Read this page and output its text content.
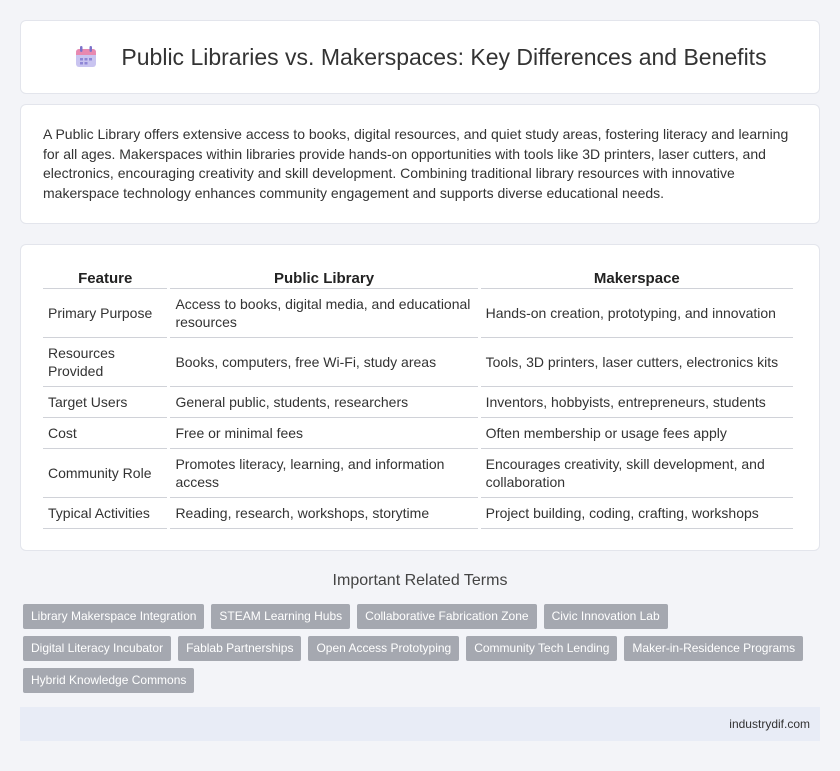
Public Libraries vs. Makerspaces: Key Differences and Benefits

A Public Library offers extensive access to books, digital resources, and quiet study areas, fostering literacy and learning for all ages. Makerspaces within libraries provide hands-on opportunities with tools like 3D printers, laser cutters, and electronics, encouraging creativity and skill development. Combining traditional library resources with innovative makerspace technology enhances community engagement and supports diverse educational needs.

Feature	Public Library	Makerspace
Primary Purpose	Access to books, digital media, and educational resources	Hands-on creation, prototyping, and innovation
Resources Provided	Books, computers, free Wi-Fi, study areas	Tools, 3D printers, laser cutters, electronics kits
Target Users	General public, students, researchers	Inventors, hobbyists, entrepreneurs, students
Cost	Free or minimal fees	Often membership or usage fees apply
Community Role	Promotes literacy, learning, and information access	Encourages creativity, skill development, and collaboration
Typical Activities	Reading, research, workshops, storytime	Project building, coding, crafting, workshops
Important Related Terms
Library Makerspace Integration	STEAM Learning Hubs	Collaborative Fabrication Zone	Civic Innovation Lab
Digital Literacy Incubator	Fablab Partnerships	Open Access Prototyping	Community Tech Lending	Maker-in-Residence Programs
Hybrid Knowledge Commons
industrydif.com
